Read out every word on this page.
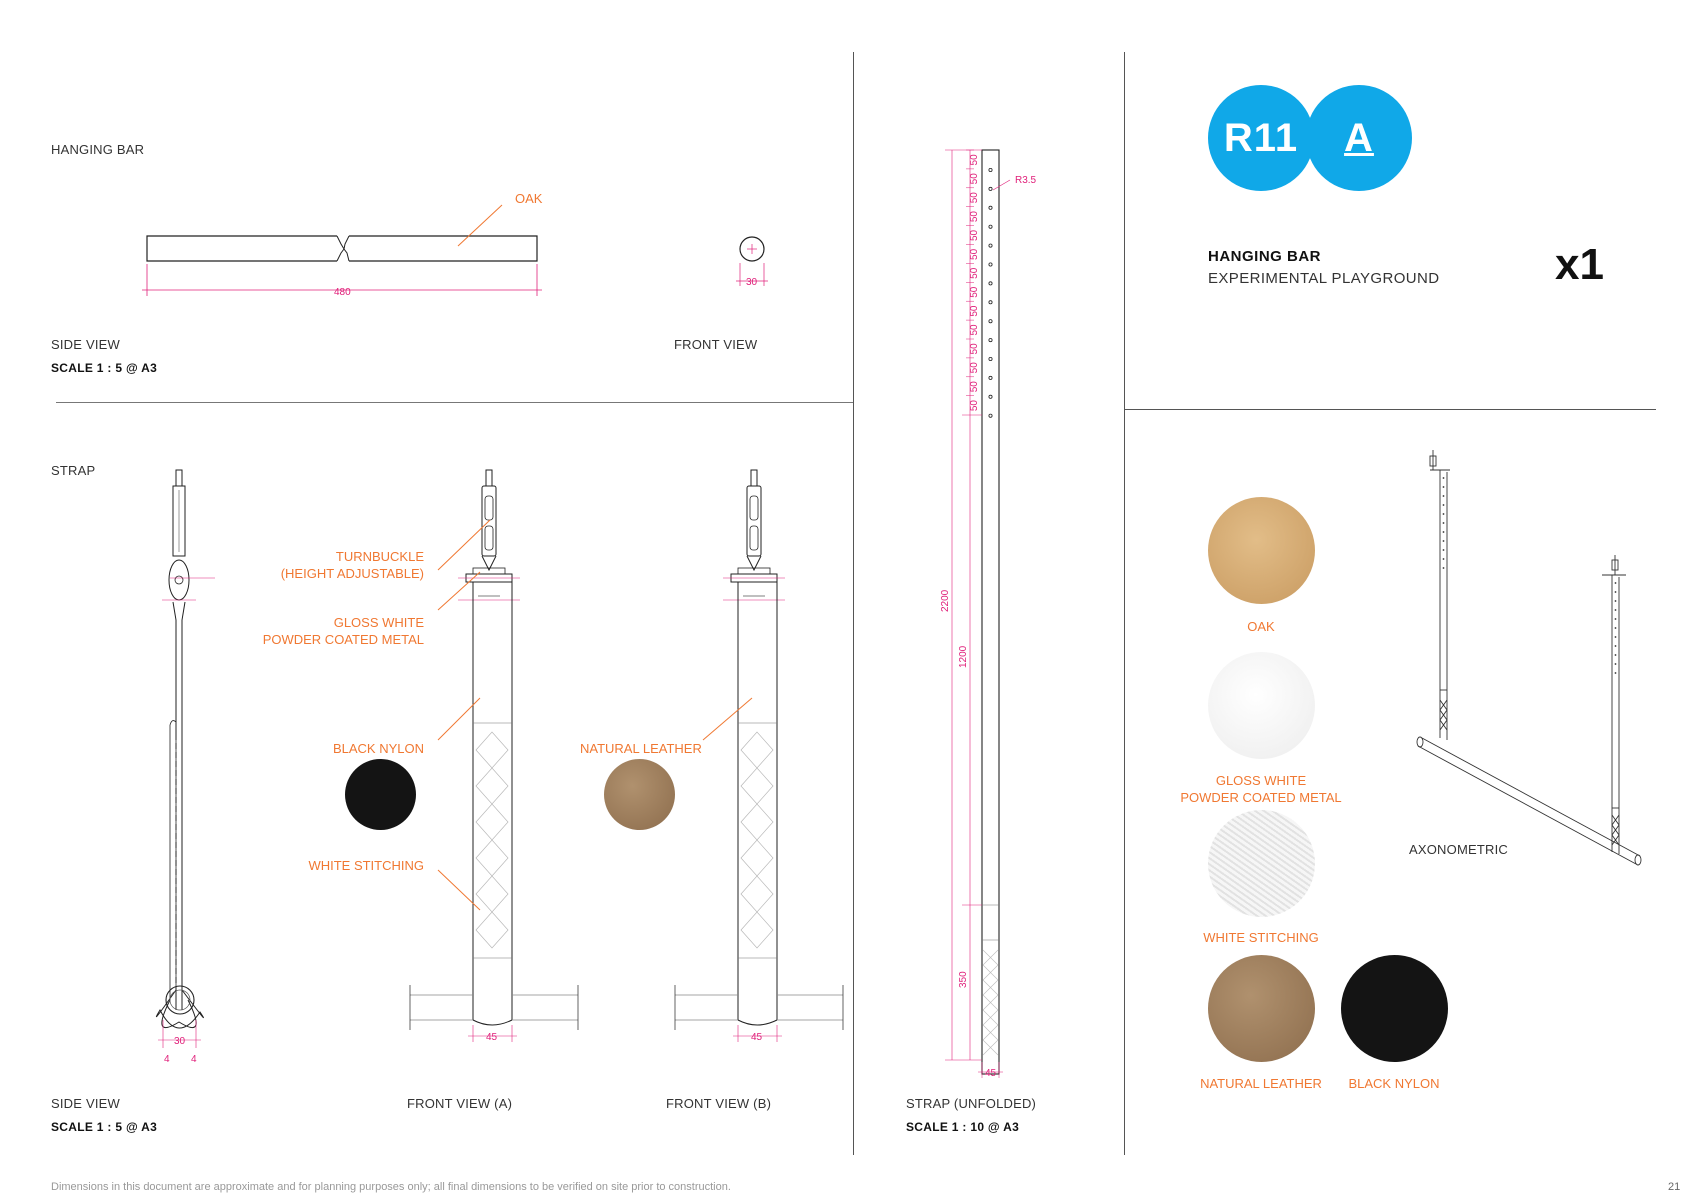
HANGING BAR
480
OAK
30
SIDE VIEW
SCALE 1 : 5 @ A3
FRONT VIEW
STRAP
30
4 4
45	45
TURNBUCKLE
(HEIGHT ADJUSTABLE)
GLOSS WHITE
POWDER COATED METAL
BLACK NYLON
WHITE STITCHING
NATURAL LEATHER
SIDE VIEW
SCALE 1 : 5 @ A3
FRONT VIEW (A)	FRONT VIEW (B)
R3.5
2200
1200
350
45
50
50
50
50
50
50
50
50
50
50
50
50
50
50
STRAP (UNFOLDED)
SCALE 1 : 10 @ A3
R11 A
HANGING BAR
EXPERIMENTAL PLAYGROUND	x1
OAK
GLOSS WHITE
POWDER COATED METAL
WHITE STITCHING
NATURAL LEATHER	BLACK NYLON
AXONOMETRIC
Dimensions in this document are approximate and for planning purposes only; all final dimensions to be verified on site prior to construction.	21
